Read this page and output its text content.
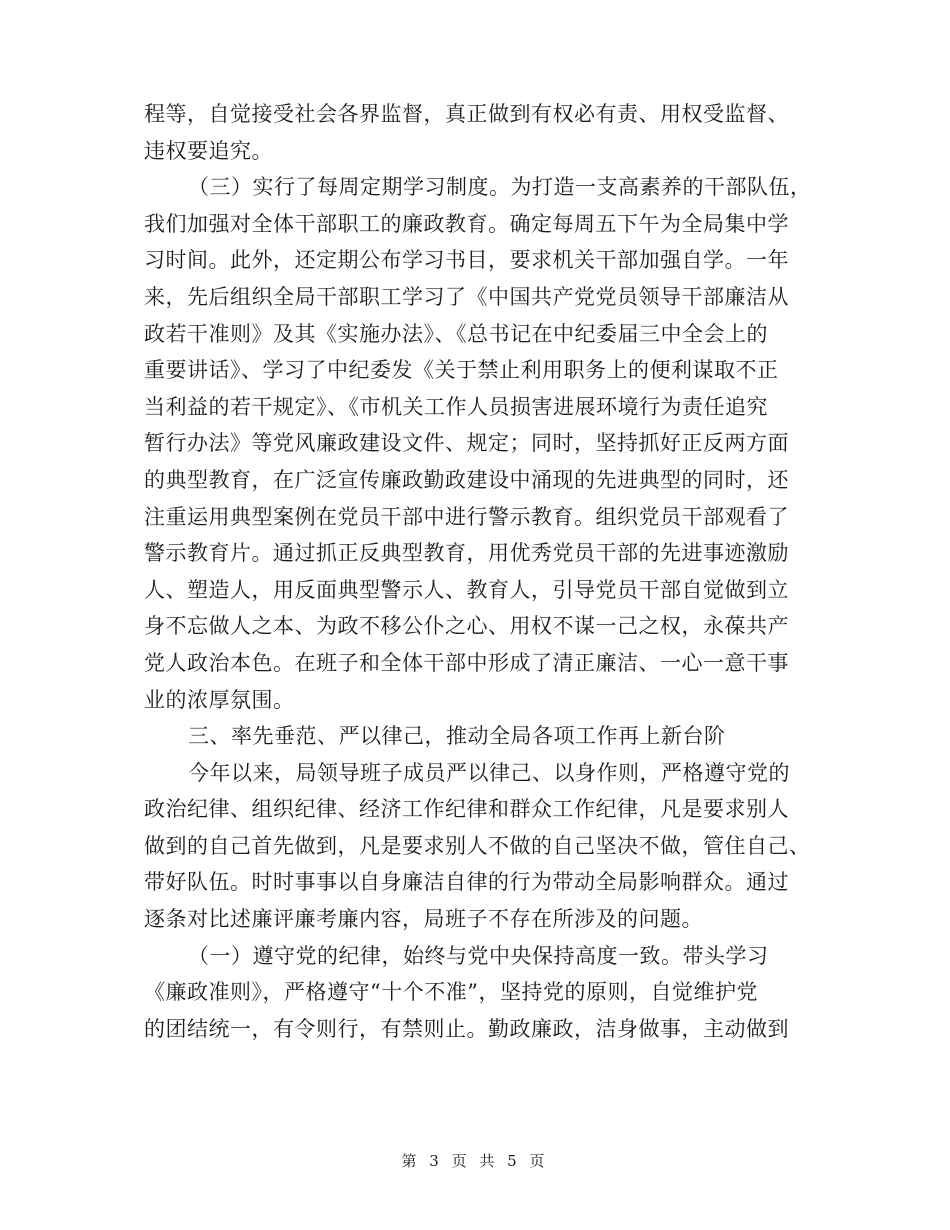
程等，自觉接受社会各界监督，真正做到有权必有责、用权受监督、
违权要追究。
（三）实行了每周定期学习制度。为打造一支高素养的干部队伍，
我们加强对全体干部职工的廉政教育。确定每周五下午为全局集中学
习时间。此外，还定期公布学习书目，要求机关干部加强自学。一年
来，先后组织全局干部职工学习了《中国共产党党员领导干部廉洁从
政若干准则》及其《实施办法》、《总书记在中纪委届三中全会上的
重要讲话》、学习了中纪委发《关于禁止利用职务上的便利谋取不正
当利益的若干规定》、《市机关工作人员损害进展环境行为责任追究
暂行办法》等党风廉政建设文件、规定；同时，坚持抓好正反两方面
的典型教育，在广泛宣传廉政勤政建设中涌现的先进典型的同时，还
注重运用典型案例在党员干部中进行警示教育。组织党员干部观看了
警示教育片。通过抓正反典型教育，用优秀党员干部的先进事迹激励
人、塑造人，用反面典型警示人、教育人，引导党员干部自觉做到立
身不忘做人之本、为政不移公仆之心、用权不谋一己之权，永葆共产
党人政治本色。在班子和全体干部中形成了清正廉洁、一心一意干事
业的浓厚氛围。
三、率先垂范、严以律己，推动全局各项工作再上新台阶
今年以来，局领导班子成员严以律己、以身作则，严格遵守党的
政治纪律、组织纪律、经济工作纪律和群众工作纪律，凡是要求别人
做到的自己首先做到，凡是要求别人不做的自己坚决不做，管住自己、
带好队伍。时时事事以自身廉洁自律的行为带动全局影响群众。通过
逐条对比述廉评廉考廉内容，局班子不存在所涉及的问题。
（一）遵守党的纪律，始终与党中央保持高度一致。带头学习
《廉政准则》，严格遵守“十个不准”，坚持党的原则，自觉维护党
的团结统一，有令则行，有禁则止。勤政廉政，洁身做事，主动做到
第 3 页 共 5 页
